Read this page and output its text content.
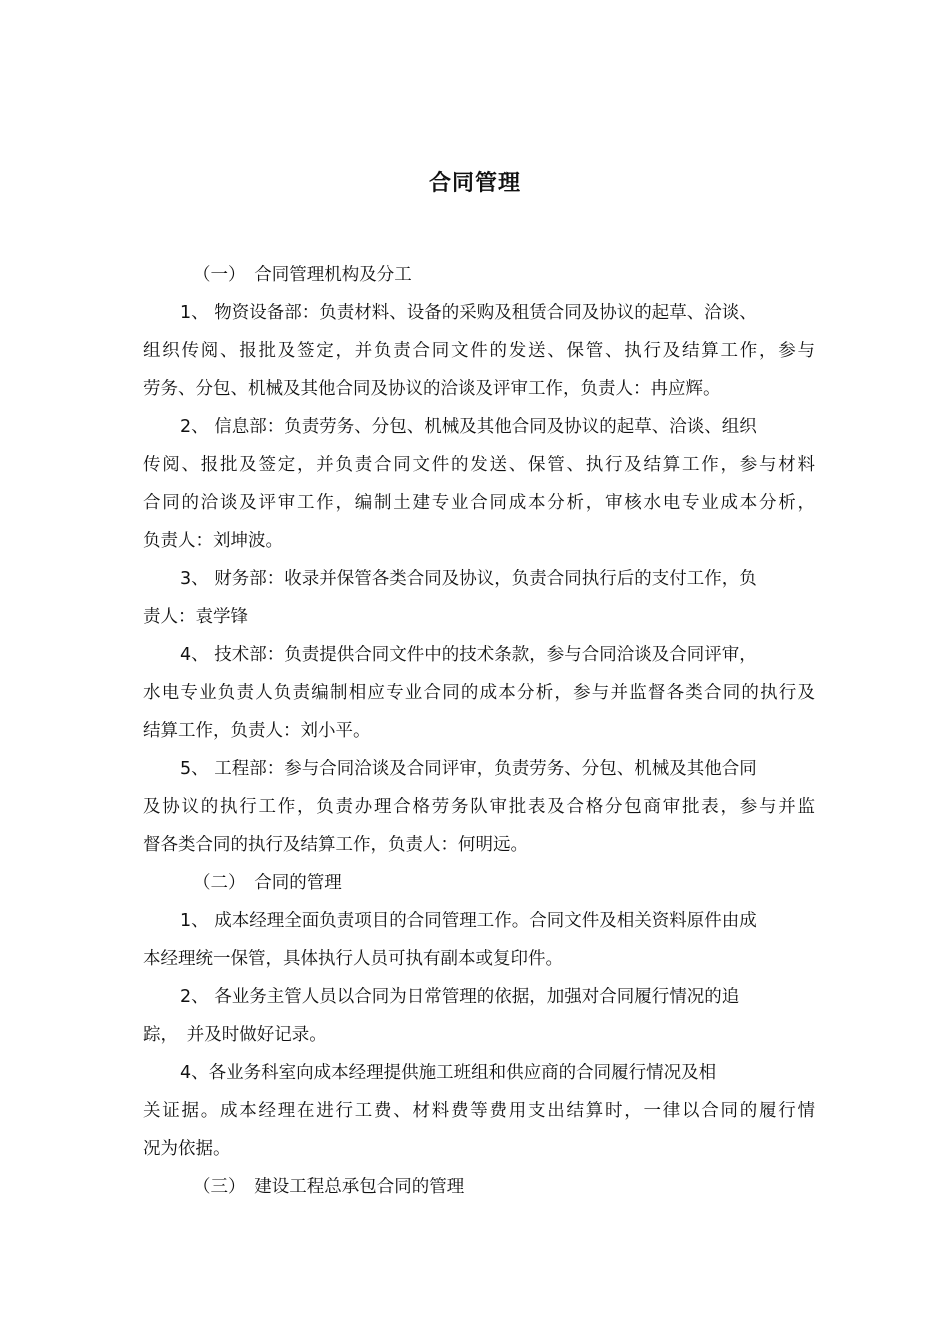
合同管理
（一）　合同管理机构及分工
1、 物资设备部：负责材料、设备的采购及租赁合同及协议的起草、洽谈、
组织传阅、报批及签定，并负责合同文件的发送、保管、执行及结算工作，参与
劳务、分包、机械及其他合同及协议的洽谈及评审工作，负责人：冉应辉。
2、 信息部：负责劳务、分包、机械及其他合同及协议的起草、洽谈、组织
传阅、报批及签定，并负责合同文件的发送、保管、执行及结算工作，参与材料
合同的洽谈及评审工作，编制土建专业合同成本分析，审核水电专业成本分析，
负责人：刘坤波。
3、 财务部：收录并保管各类合同及协议，负责合同执行后的支付工作，负
责人：袁学锋
4、 技术部：负责提供合同文件中的技术条款，参与合同洽谈及合同评审，
水电专业负责人负责编制相应专业合同的成本分析，参与并监督各类合同的执行及
结算工作，负责人：刘小平。
5、 工程部：参与合同洽谈及合同评审，负责劳务、分包、机械及其他合同
及协议的执行工作，负责办理合格劳务队审批表及合格分包商审批表，参与并监
督各类合同的执行及结算工作，负责人：何明远。
（二）　合同的管理
1、 成本经理全面负责项目的合同管理工作。合同文件及相关资料原件由成
本经理统一保管，具体执行人员可执有副本或复印件。
2、 各业务主管人员以合同为日常管理的依据，加强对合同履行情况的追
踪，　并及时做好记录。
4、各业务科室向成本经理提供施工班组和供应商的合同履行情况及相
关证据。成本经理在进行工费、材料费等费用支出结算时，一律以合同的履行情
况为依据。
（三）　建设工程总承包合同的管理
